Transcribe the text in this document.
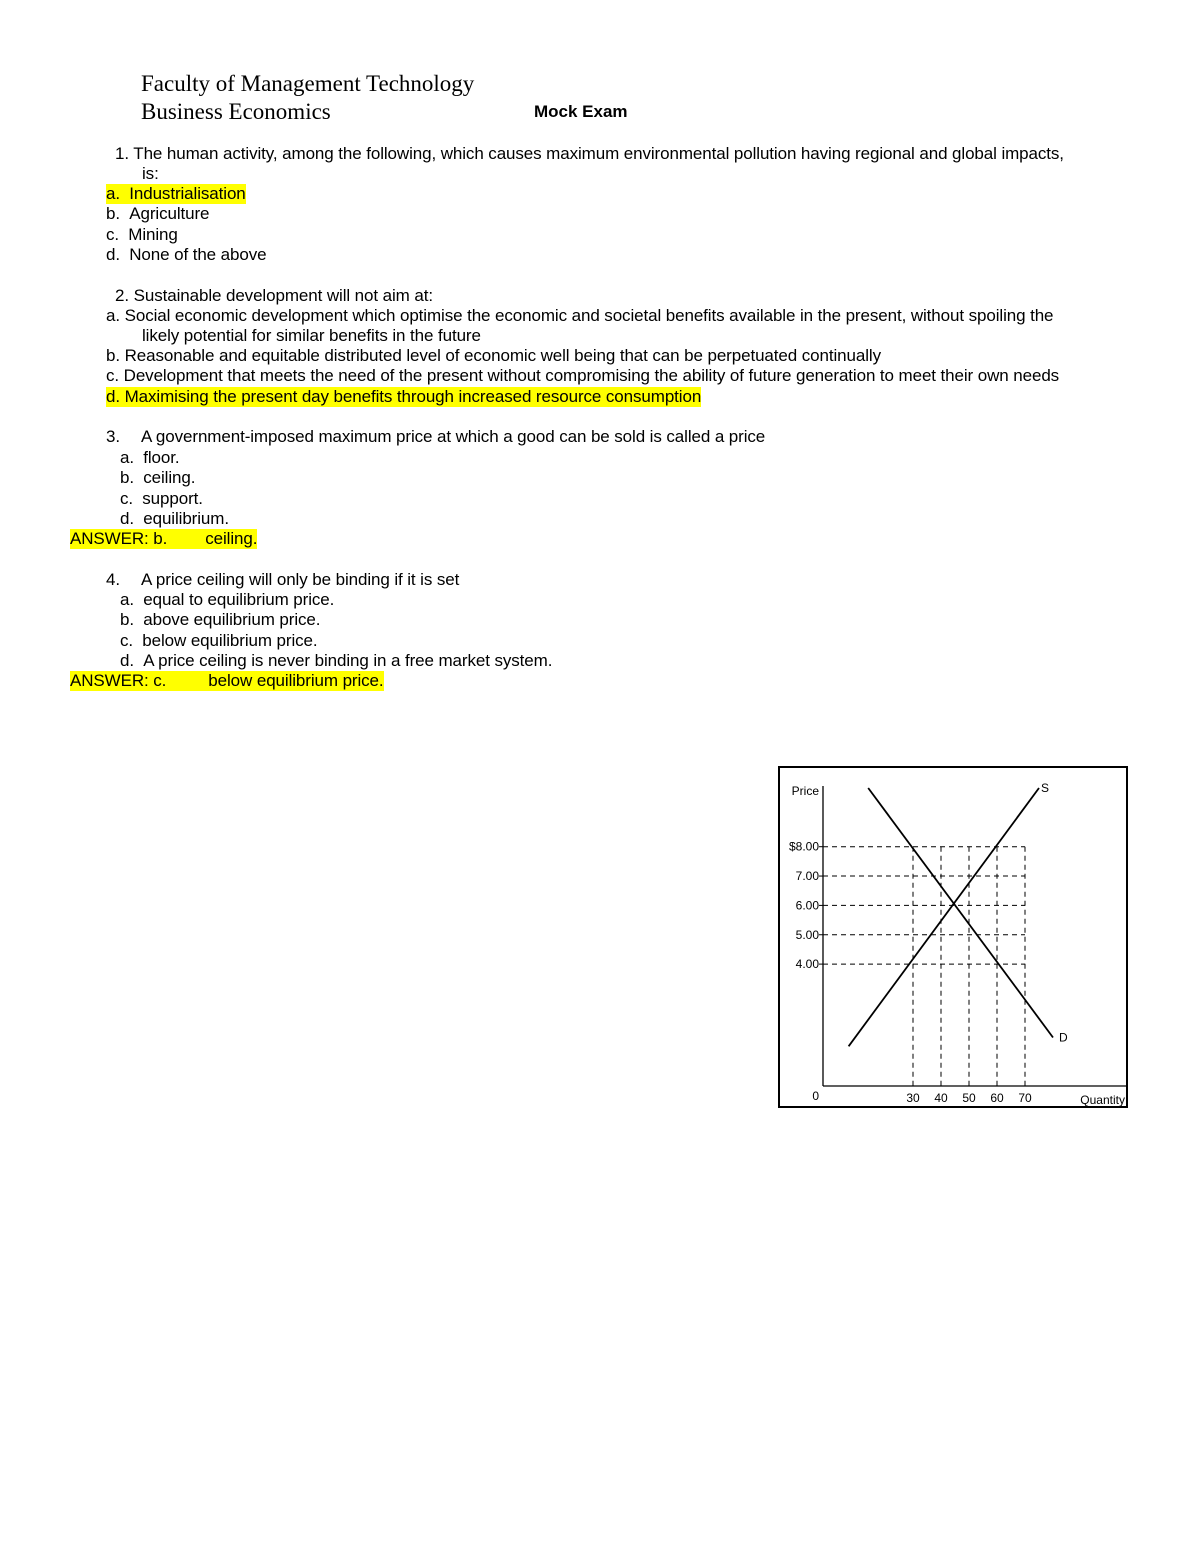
Faculty of Management Technology
Business Economics	Mock Exam
1. The human activity, among the following, which causes maximum environmental pollution having regional and global impacts,
is:
a. Industrialisation
b. Agriculture
c. Mining
d. None of the above
2. Sustainable development will not aim at:
a. Social economic development which optimise the economic and societal benefits available in the present, without spoiling the
likely potential for similar benefits in the future
b. Reasonable and equitable distributed level of economic well being that can be perpetuated continually
c. Development that meets the need of the present without compromising the ability of future generation to meet their own needs
d. Maximising the present day benefits through increased resource consumption
3. A government-imposed maximum price at which a good can be sold is called a price
a. floor.
b. ceiling.
c. support.
d. equilibrium.
ANSWER: b. ceiling.
4. A price ceiling will only be binding if it is set
a. equal to equilibrium price.
b. above equilibrium price.
c. below equilibrium price.
d. A price ceiling is never binding in a free market system.
ANSWER: c. below equilibrium price.
S
D
4.00
5.00
6.00
7.00
$8.00
30 40 50 60 70
Price
Quantity
0
